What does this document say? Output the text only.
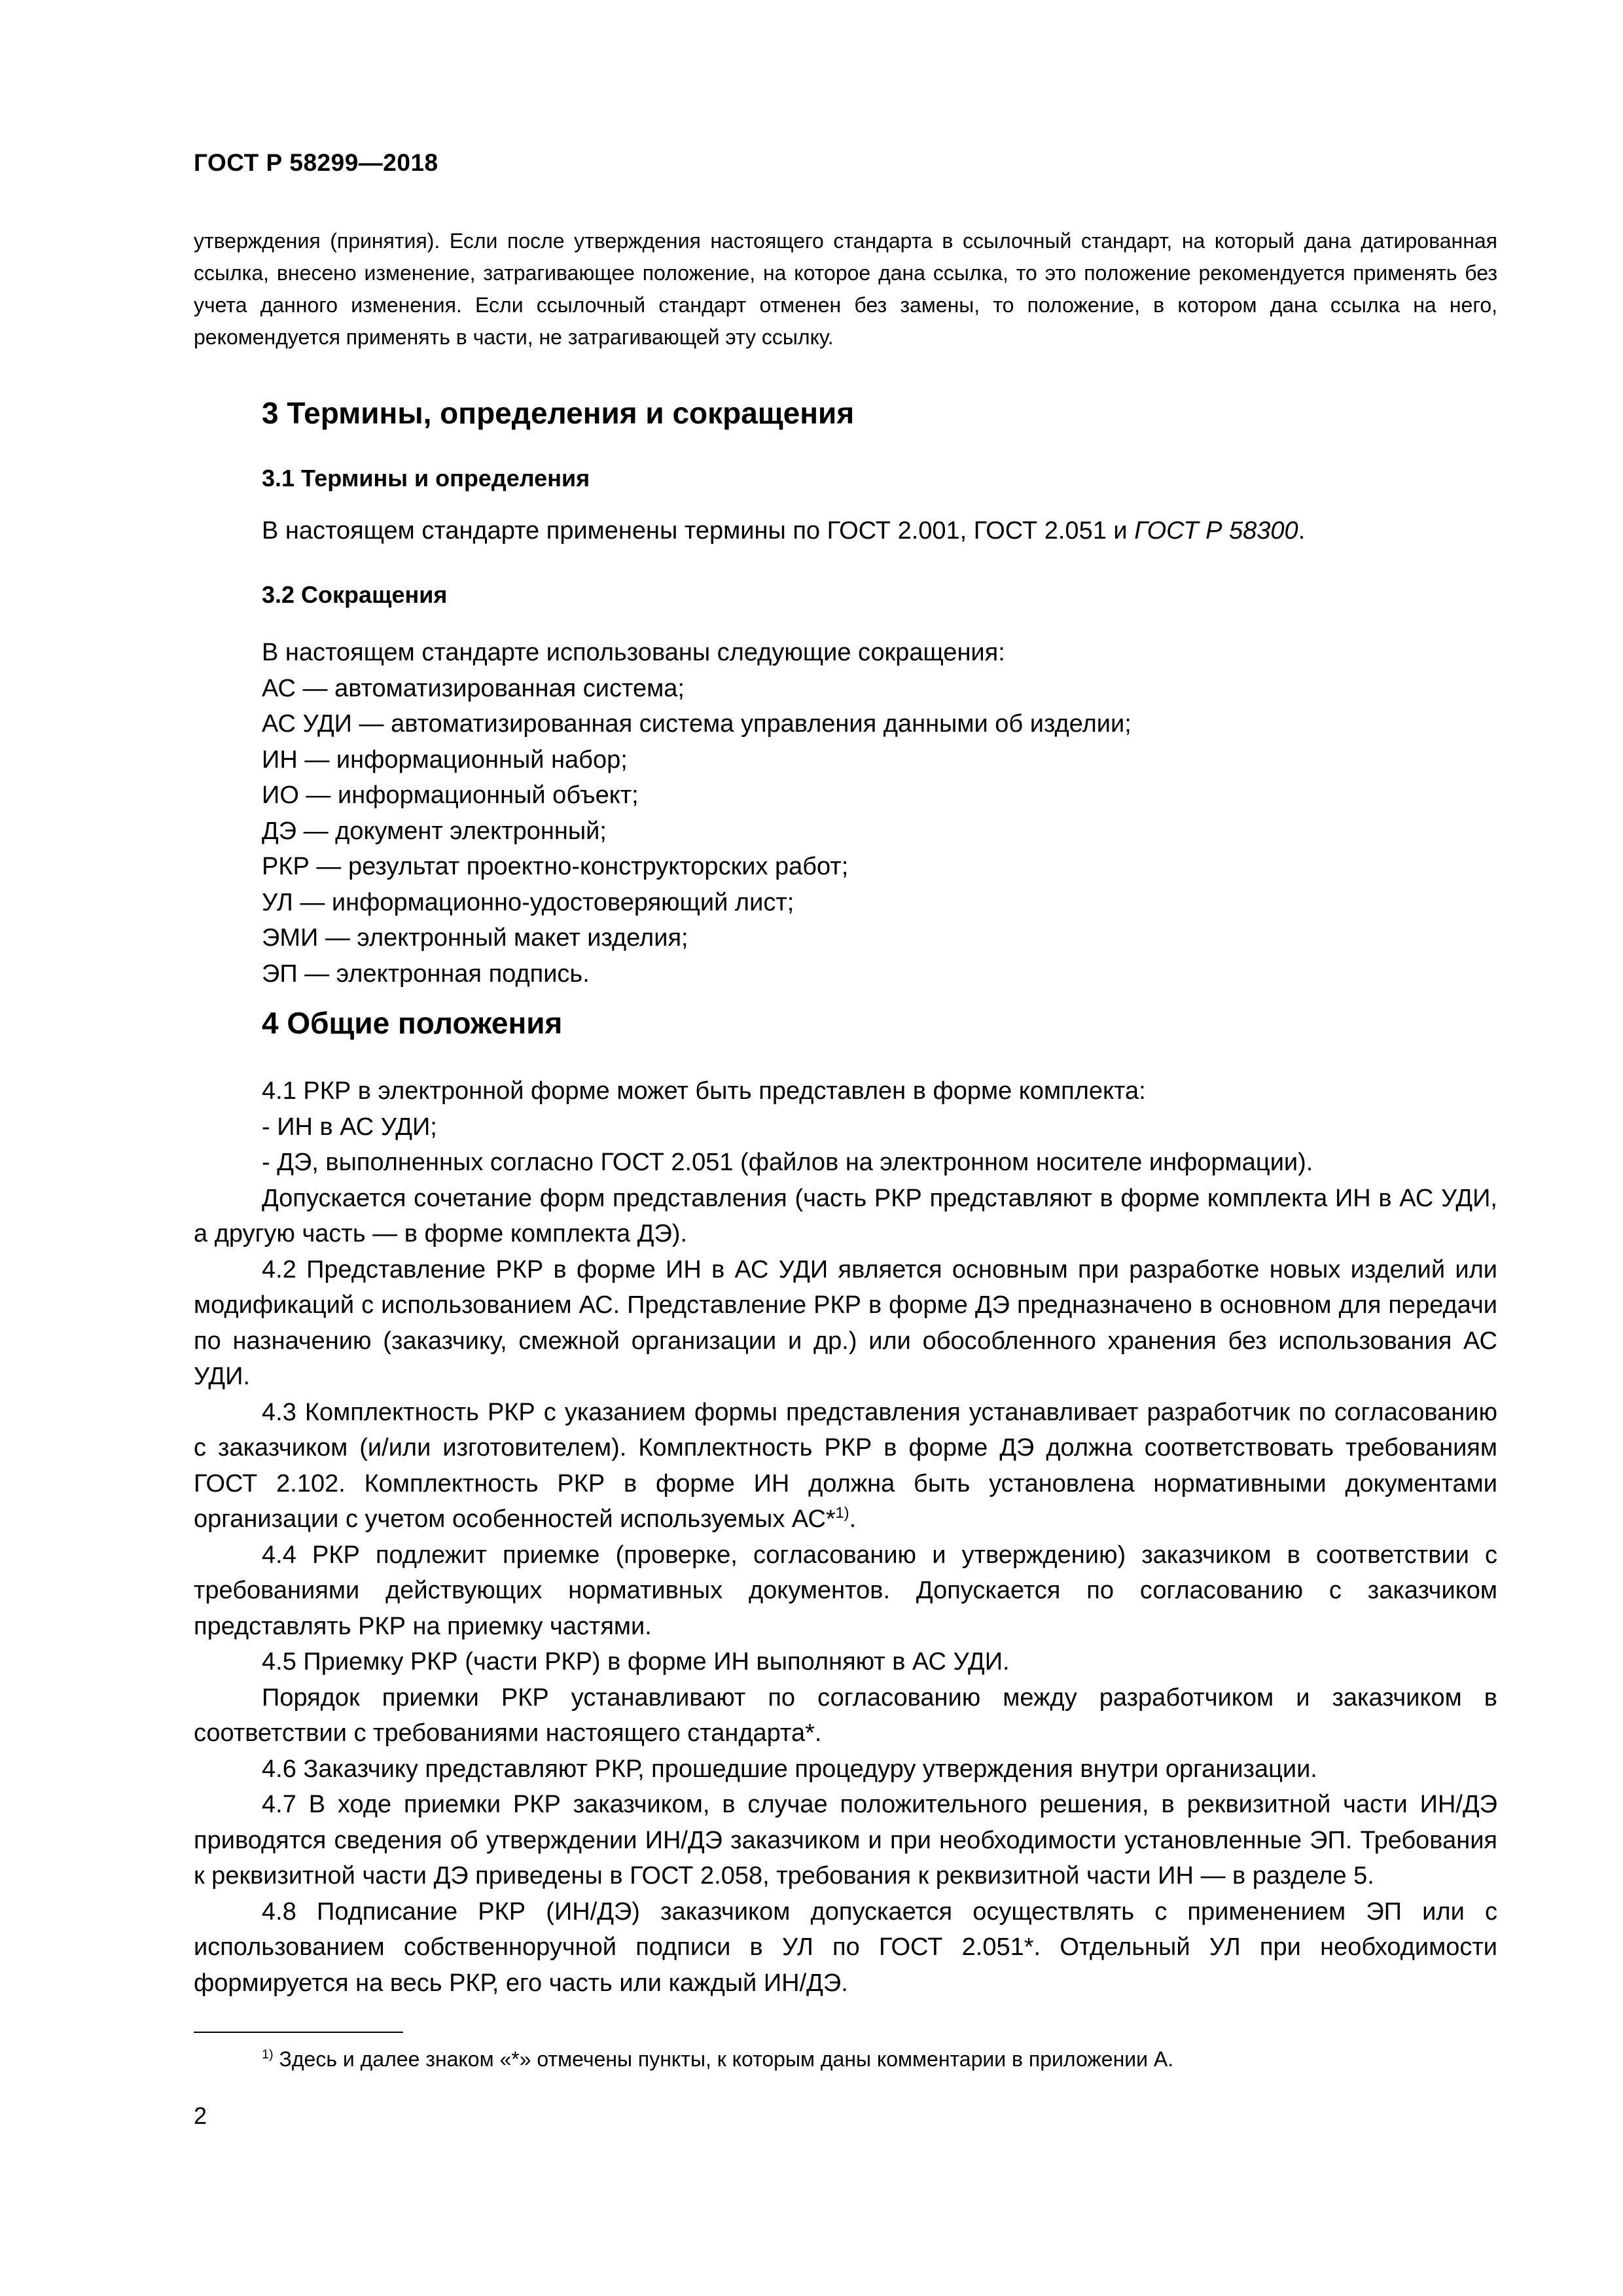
ГОСТ Р 58299—2018

утверждения (принятия). Если после утверждения настоящего стандарта в ссылочный стандарт, на который дана датированная ссылка, внесено изменение, затрагивающее положение, на которое дана ссылка, то это положение рекомендуется применять без учета данного изменения. Если ссылочный стандарт отменен без замены, то положение, в котором дана ссылка на него, рекомендуется применять в части, не затрагивающей эту ссылку.

3 Термины, определения и сокращения
3.1 Термины и определения
В настоящем стандарте применены термины по ГОСТ 2.001, ГОСТ 2.051 и ГОСТ Р 58300.
3.2 Сокращения
В настоящем стандарте использованы следующие сокращения:
АС — автоматизированная система;
АС УДИ — автоматизированная система управления данными об изделии;
ИН — информационный набор;
ИО — информационный объект;
ДЭ — документ электронный;
РКР — результат проектно-конструкторских работ;
УЛ — информационно-удостоверяющий лист;
ЭМИ — электронный макет изделия;
ЭП — электронная подпись.
4 Общие положения

4.1 РКР в электронной форме может быть представлен в форме комплекта:

- ИН в АС УДИ;

- ДЭ, выполненных согласно ГОСТ 2.051 (файлов на электронном носителе информации).

Допускается сочетание форм представления (часть РКР представляют в форме комплекта ИН в АС УДИ, а другую часть — в форме комплекта ДЭ).

4.2 Представление РКР в форме ИН в АС УДИ является основным при разработке новых изделий или модификаций с использованием АС. Представление РКР в форме ДЭ предназначено в основном для передачи по назначению (заказчику, смежной организации и др.) или обособленного хранения без использования АС УДИ.

4.3 Комплектность РКР с указанием формы представления устанавливает разработчик по согласованию с заказчиком (и/или изготовителем). Комплектность РКР в форме ДЭ должна соответствовать требованиям ГОСТ 2.102. Комплектность РКР в форме ИН должна быть установлена нормативными документами организации с учетом особенностей используемых АС*$^{1)}$.

4.4 РКР подлежит приемке (проверке, согласованию и утверждению) заказчиком в соответствии с требованиями действующих нормативных документов. Допускается по согласованию с заказчиком представлять РКР на приемку частями.

4.5 Приемку РКР (части РКР) в форме ИН выполняют в АС УДИ.

Порядок приемки РКР устанавливают по согласованию между разработчиком и заказчиком в соответствии с требованиями настоящего стандарта*.

4.6 Заказчику представляют РКР, прошедшие процедуру утверждения внутри организации.

4.7 В ходе приемки РКР заказчиком, в случае положительного решения, в реквизитной части ИН/ДЭ приводятся сведения об утверждении ИН/ДЭ заказчиком и при необходимости установленные ЭП. Требования к реквизитной части ДЭ приведены в ГОСТ 2.058, требования к реквизитной части ИН — в разделе 5.

4.8 Подписание РКР (ИН/ДЭ) заказчиком допускается осуществлять с применением ЭП или с использованием собственноручной подписи в УЛ по ГОСТ 2.051*. Отдельный УЛ при необходимости формируется на весь РКР, его часть или каждый ИН/ДЭ.

$^{1)}$ Здесь и далее знаком «*» отмечены пункты, к которым даны комментарии в приложении А.
2
